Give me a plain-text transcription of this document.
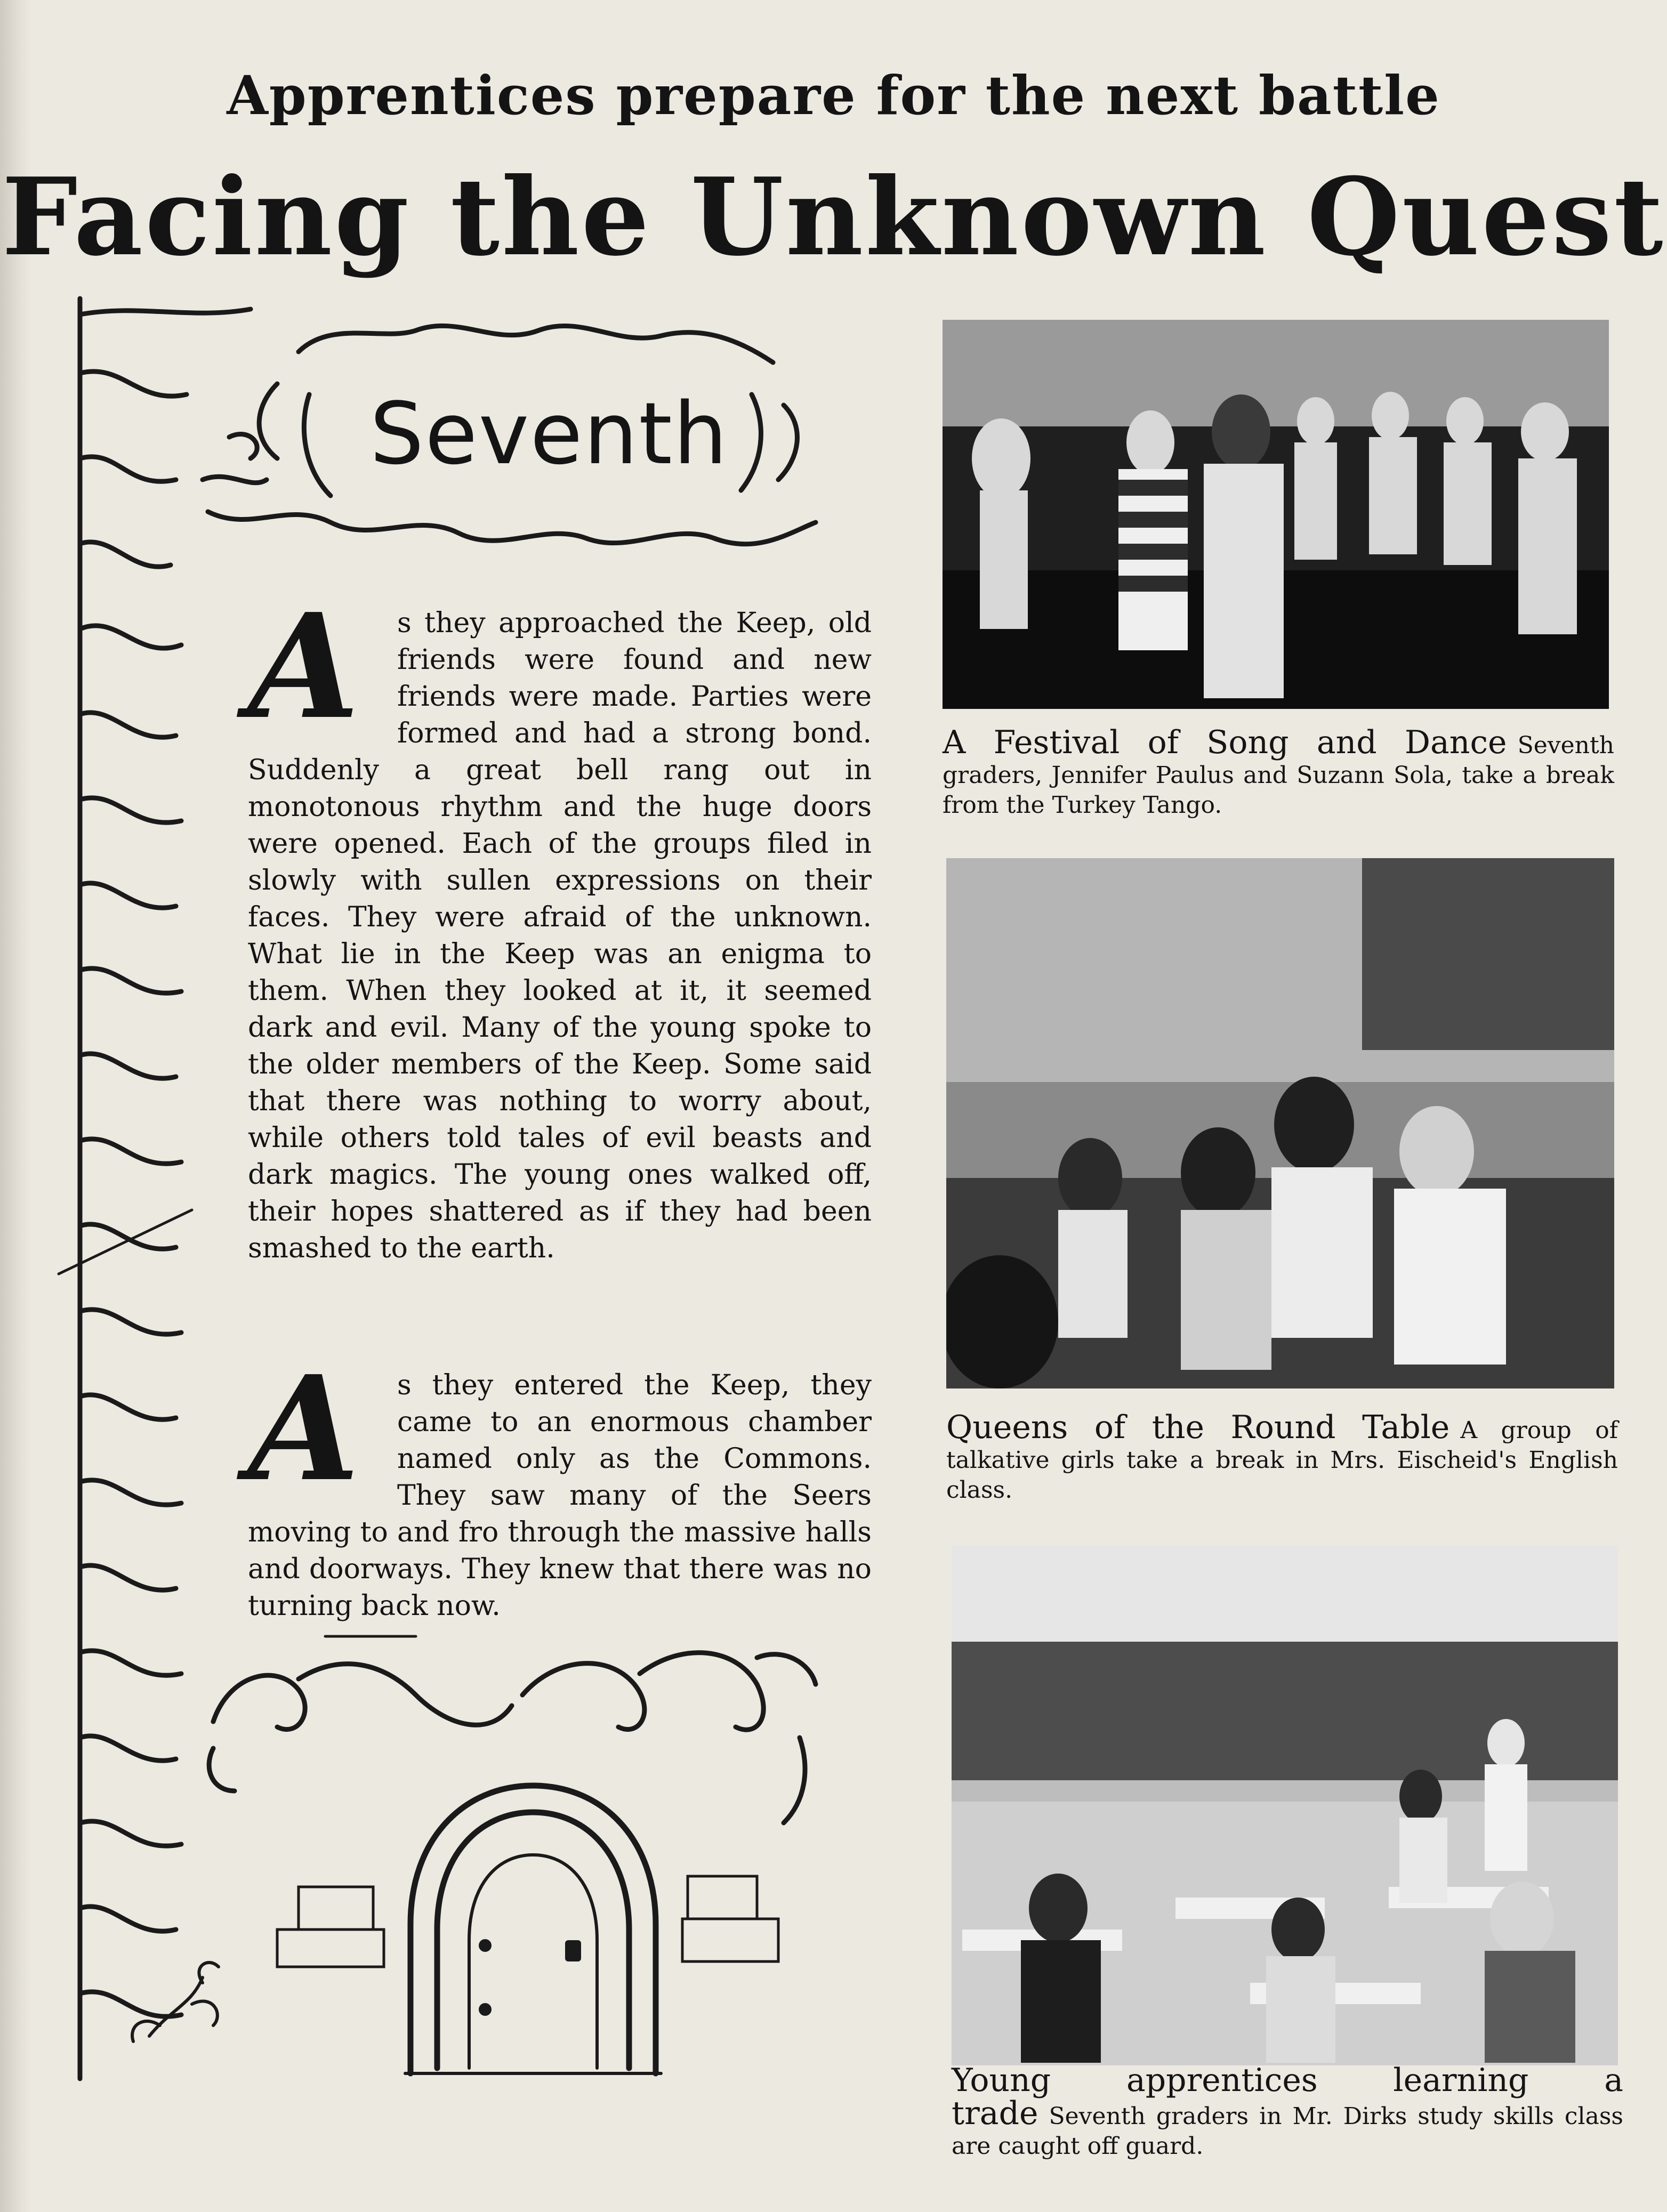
Apprentices prepare for the next battle
Facing the Unknown Quest
Seventh

A	s they approached the Keep, old friends were found and new friends were made. Parties were formed and had a strong bond. Suddenly a great bell rang out in monotonous rhythm and the huge doors were opened. Each of the groups filed in slowly with sullen expressions on their faces. They were afraid of the unknown. What lie in the Keep was an enigma to them. When they looked at it, it seemed dark and evil. Many of the young spoke to the older members of the Keep. Some said that there was nothing to worry about, while others told tales of evil beasts and dark magics. The young ones walked off, their hopes shattered as if they had been smashed to the earth.

A	s they entered the Keep, they came to an enormous chamber named only as the Commons. They saw many of the Seers moving to and fro through the massive halls and doorways. They knew that there was no turning back now.

A Festival of Song and Dance Seventh graders, Jennifer Paulus and Suzann Sola, take a break from the Turkey Tango.

Queens of the Round Table A group of talkative girls take a break in Mrs. Eischeid's English class.

Young apprentices learning a trade Seventh graders in Mr. Dirks study skills class are caught off guard.
